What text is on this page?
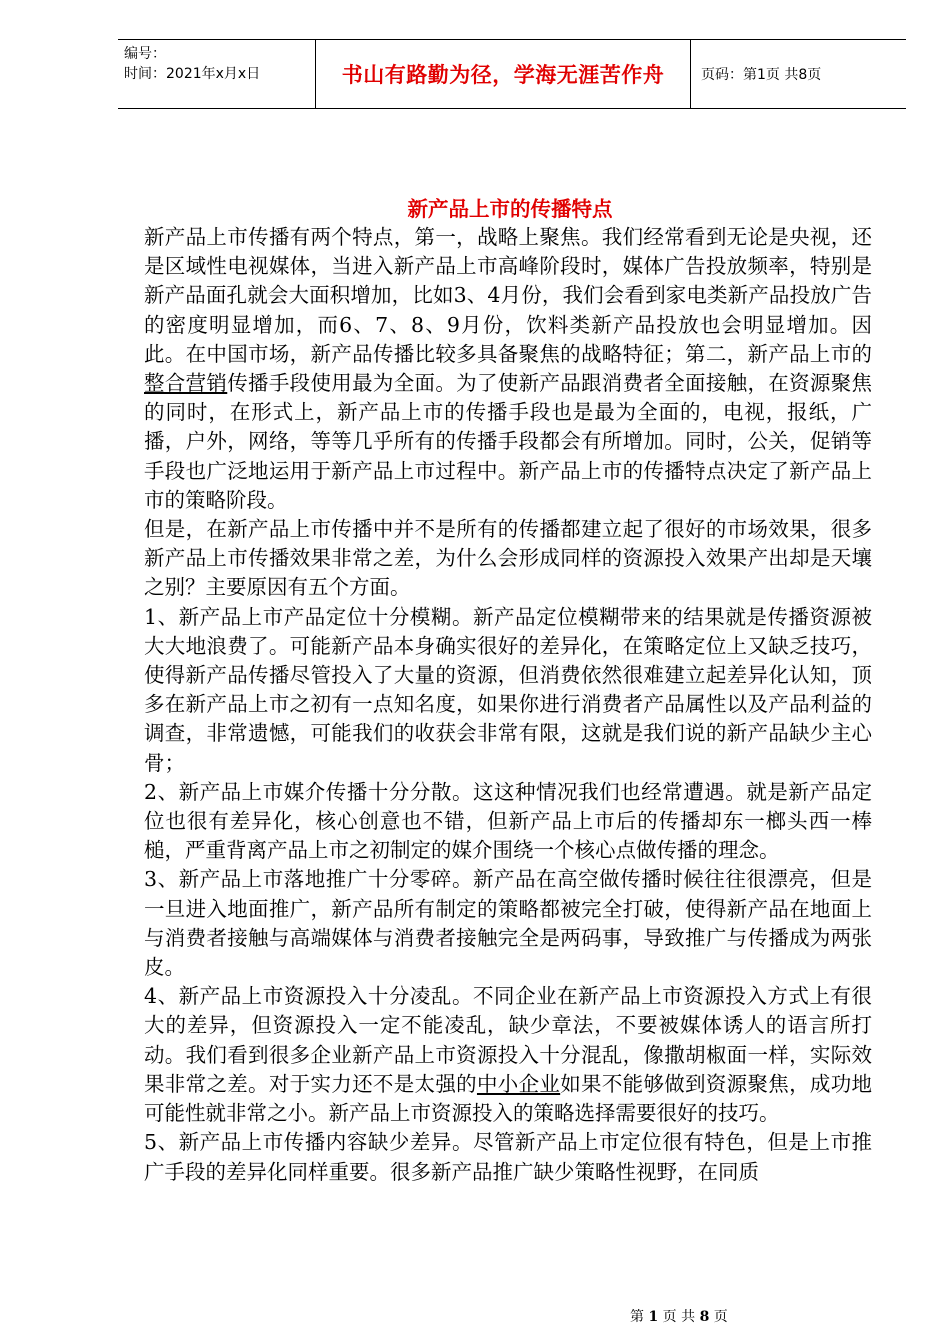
编号：
时间：2021年x月x日	书山有路勤为径，学海无涯苦作舟	页码：第1页 共8页
新产品上市的传播特点

新产品上市传播有两个特点，第一，战略上聚焦。我们经常看到无论是央视，还是区域性电视媒体，当进入新产品上市高峰阶段时，媒体广告投放频率，特别是新产品面孔就会大面积增加，比如3、4月份，我们会看到家电类新产品投放广告的密度明显增加，而6、7、8、9月份，饮料类新产品投放也会明显增加。因此。在中国市场，新产品传播比较多具备聚焦的战略特征；第二，新产品上市的整合营销传播手段使用最为全面。为了使新产品跟消费者全面接触，在资源聚焦的同时，在形式上，新产品上市的传播手段也是最为全面的，电视，报纸，广播，户外，网络，等等几乎所有的传播手段都会有所增加。同时，公关，促销等手段也广泛地运用于新产品上市过程中。新产品上市的传播特点决定了新产品上市的策略阶段。

但是，在新产品上市传播中并不是所有的传播都建立起了很好的市场效果，很多新产品上市传播效果非常之差，为什么会形成同样的资源投入效果产出却是天壤之别？主要原因有五个方面。

1、新产品上市产品定位十分模糊。新产品定位模糊带来的结果就是传播资源被大大地浪费了。可能新产品本身确实很好的差异化，在策略定位上又缺乏技巧，使得新产品传播尽管投入了大量的资源，但消费依然很难建立起差异化认知，顶多在新产品上市之初有一点知名度，如果你进行消费者产品属性以及产品利益的调查，非常遗憾，可能我们的收获会非常有限，这就是我们说的新产品缺少主心骨；

2、新产品上市媒介传播十分分散。这这种情况我们也经常遭遇。就是新产品定位也很有差异化，核心创意也不错，但新产品上市后的传播却东一榔头西一棒槌，严重背离产品上市之初制定的媒介围绕一个核心点做传播的理念。

3、新产品上市落地推广十分零碎。新产品在高空做传播时候往往很漂亮，但是一旦进入地面推广，新产品所有制定的策略都被完全打破，使得新产品在地面上与消费者接触与高端媒体与消费者接触完全是两码事，导致推广与传播成为两张皮。

4、新产品上市资源投入十分凌乱。不同企业在新产品上市资源投入方式上有很大的差异，但资源投入一定不能凌乱，缺少章法，不要被媒体诱人的语言所打动。我们看到很多企业新产品上市资源投入十分混乱，像撒胡椒面一样，实际效果非常之差。对于实力还不是太强的中小企业如果不能够做到资源聚焦，成功地可能性就非常之小。新产品上市资源投入的策略选择需要很好的技巧。

5、新产品上市传播内容缺少差异。尽管新产品上市定位很有特色，但是上市推广手段的差异化同样重要。很多新产品推广缺少策略性视野，在同质

第 1 页 共 8 页
